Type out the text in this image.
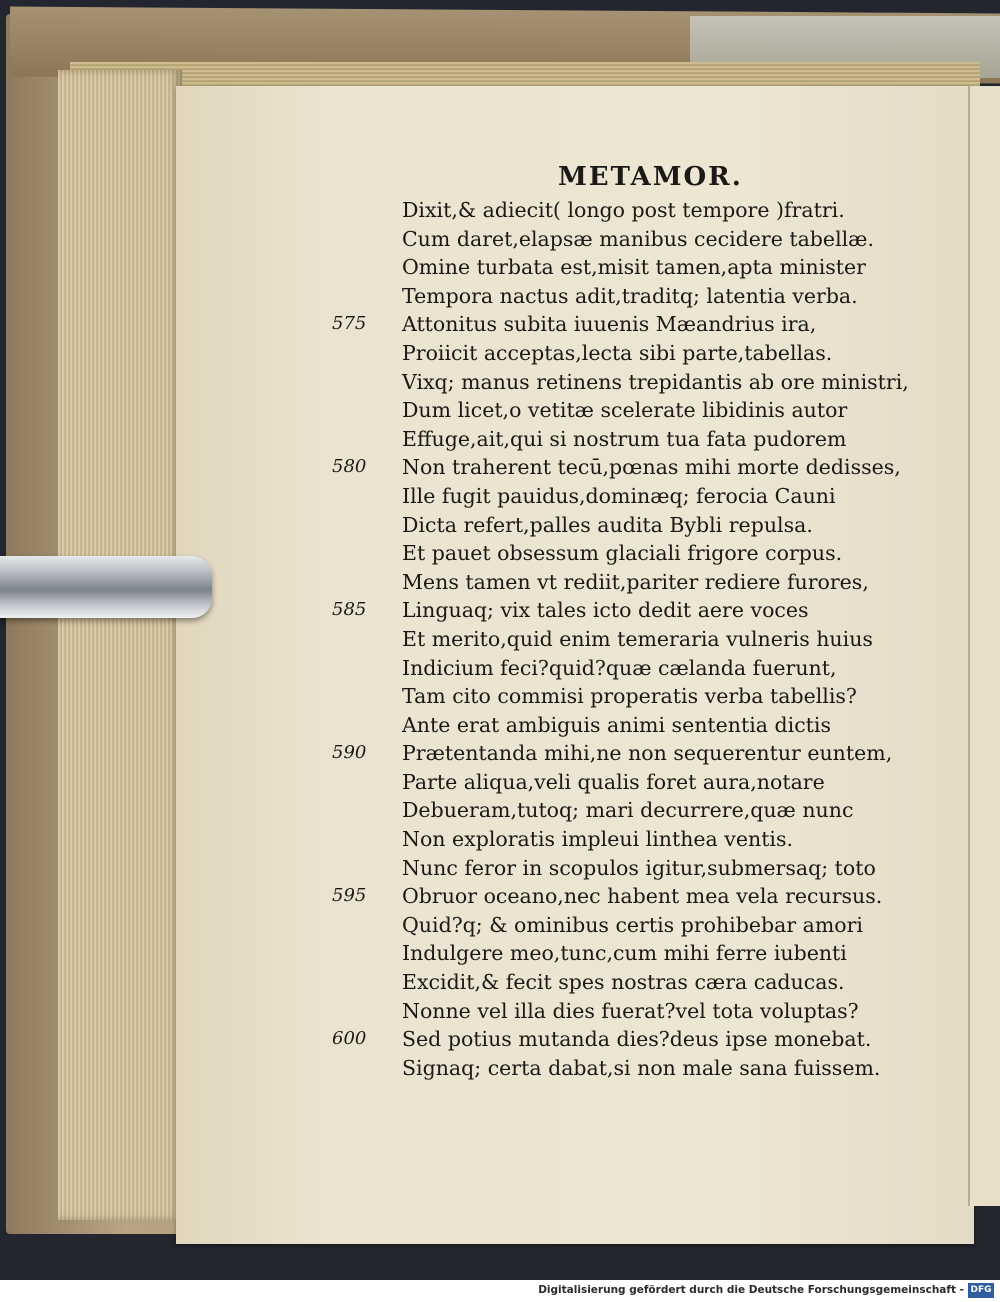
METAMOR.
Dixit,& adiecit( longo post tempore )fratri.
Cum daret,elapsæ manibus cecidere tabellæ.
Omine turbata est,misit tamen,apta minister
Tempora nactus adit,traditq; latentia verba.
575	Attonitus subita iuuenis Mæandrius ira,
Proiicit acceptas,lecta sibi parte,tabellas.
Vixq; manus retinens trepidantis ab ore ministri,
Dum licet,o vetitæ scelerate libidinis autor
Effuge,ait,qui si nostrum tua fata pudorem
580	Non traherent tecū,pœnas mihi morte dedisses,
Ille fugit pauidus,dominæq; ferocia Cauni
Dicta refert,palles audita Bybli repulsa.
Et pauet obsessum glaciali frigore corpus.
Mens tamen vt rediit,pariter rediere furores,
585	Linguaq; vix tales icto dedit aere voces
Et merito,quid enim temeraria vulneris huius
Indicium feci?quid?quæ cælanda fuerunt,
Tam cito commisi properatis verba tabellis?
Ante erat ambiguis animi sententia dictis
590	Prætentanda mihi,ne non sequerentur euntem,
Parte aliqua,veli qualis foret aura,notare
Debueram,tutoq; mari decurrere,quæ nunc
Non exploratis impleui linthea ventis.
Nunc feror in scopulos igitur,submersaq; toto
595	Obruor oceano,nec habent mea vela recursus.
Quid?q; & ominibus certis prohibebar amori
Indulgere meo,tunc,cum mihi ferre iubenti
Excidit,& fecit spes nostras cæra caducas.
Nonne vel illa dies fuerat?vel tota voluptas?
600	Sed potius mutanda dies?deus ipse monebat.
Signaq; certa dabat,si non male sana fuissem.
Digitalisierung gefördert durch die Deutsche Forschungsgemeinschaft - DFG
